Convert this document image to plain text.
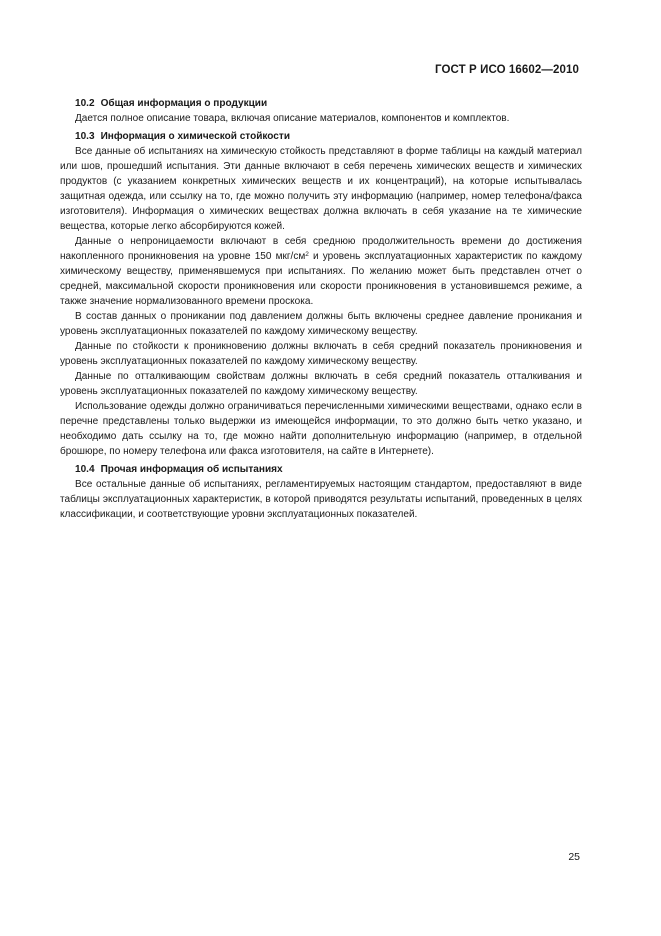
ГОСТ Р ИСО 16602—2010

10.2 Общая информация о продукции

Дается полное описание товара, включая описание материалов, компонентов и комплектов.

10.3 Информация о химической стойкости

Все данные об испытаниях на химическую стойкость представляют в форме таблицы на каждый материал или шов, прошедший испытания. Эти данные включают в себя перечень химических веществ и химических продуктов (с указанием конкретных химических веществ и их концентраций), на которые испытывалась защитная одежда, или ссылку на то, где можно получить эту информацию (например, номер телефона/факса изготовителя). Информация о химических веществах должна включать в себя указание на те химические вещества, которые легко абсорбируются кожей.

Данные о непроницаемости включают в себя среднюю продолжительность времени до достижения накопленного проникновения на уровне 150 мкг/$см^2$ и уровень эксплуатационных характеристик по каждому химическому веществу, применявшемуся при испытаниях. По желанию может быть представлен отчет о средней, максимальной скорости проникновения или скорости проникновения в установившемся режиме, а также значение нормализованного времени проскока.

В состав данных о проникании под давлением должны быть включены среднее давление проникания и уровень эксплуатационных показателей по каждому химическому веществу.

Данные по стойкости к проникновению должны включать в себя средний показатель проникновения и уровень эксплуатационных показателей по каждому химическому веществу.

Данные по отталкивающим свойствам должны включать в себя средний показатель отталкивания и уровень эксплуатационных показателей по каждому химическому веществу.

Использование одежды должно ограничиваться перечисленными химическими веществами, однако если в перечне представлены только выдержки из имеющейся информации, то это должно быть четко указано, и необходимо дать ссылку на то, где можно найти дополнительную информацию (например, в отдельной брошюре, по номеру телефона или факса изготовителя, на сайте в Интернете).

10.4 Прочая информация об испытаниях

Все остальные данные об испытаниях, регламентируемых настоящим стандартом, предоставляют в виде таблицы эксплуатационных характеристик, в которой приводятся результаты испытаний, проведенных в целях классификации, и соответствующие уровни эксплуатационных показателей.

25
